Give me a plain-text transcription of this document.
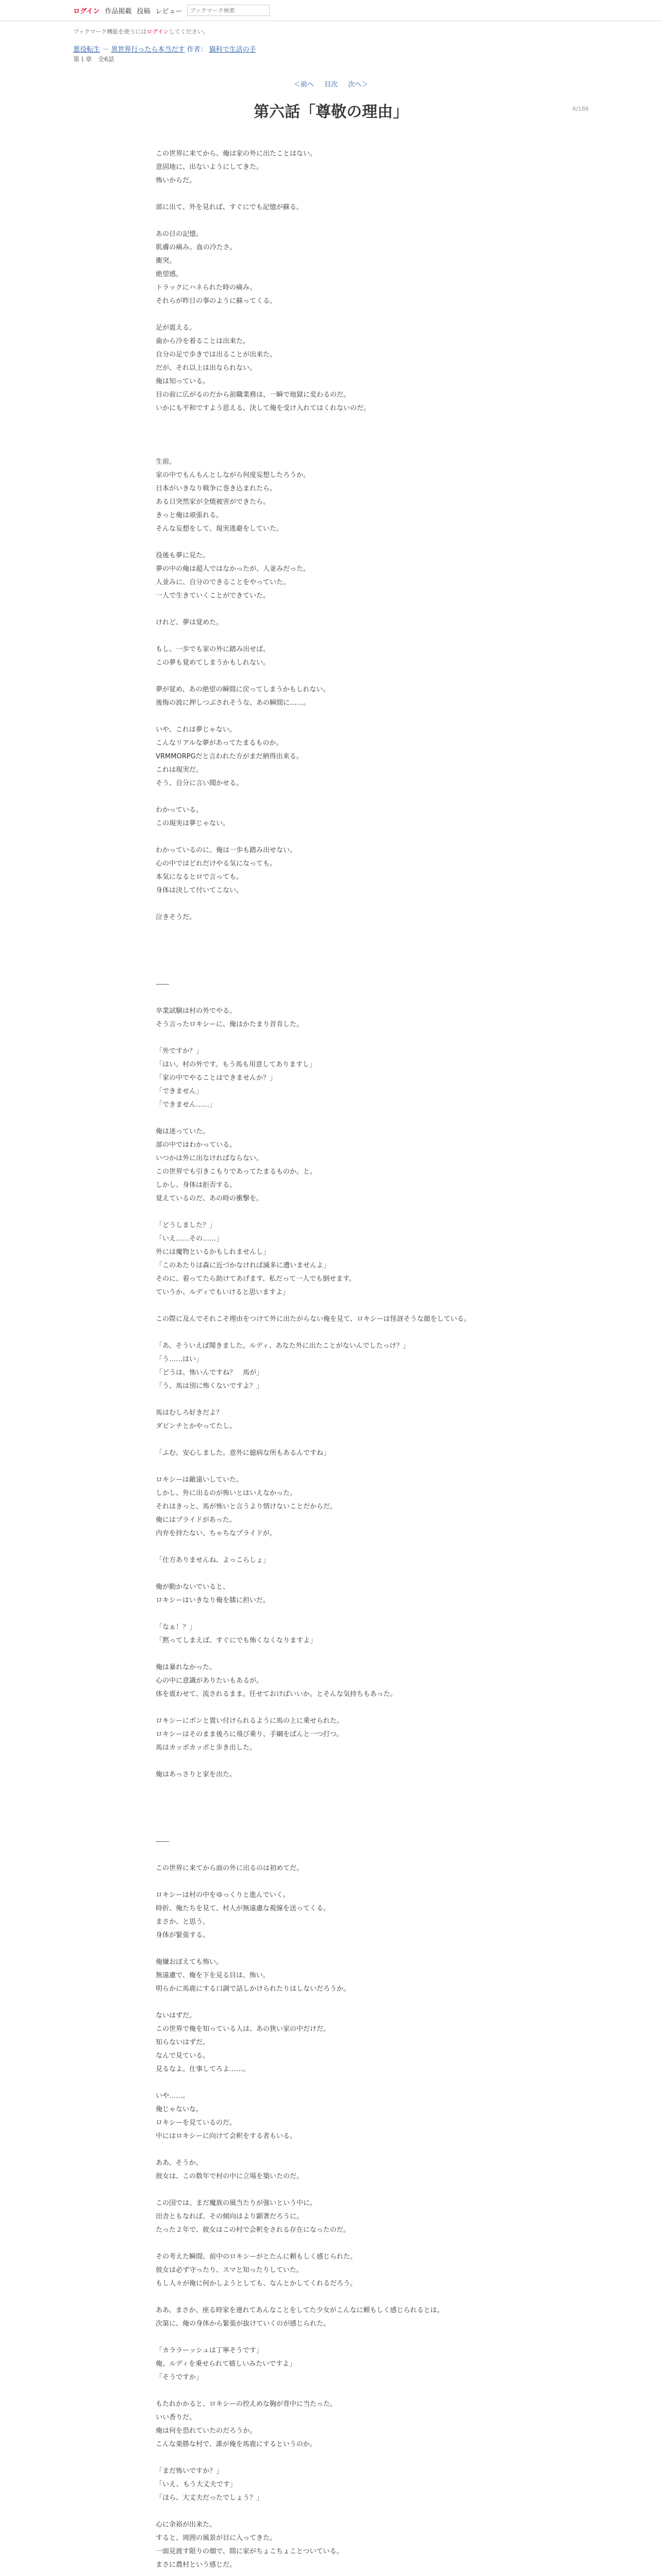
ログイン 作品掲載 投稿 レビュー
ブックマーク検索
ブックマーク機能を使うにはログインしてください。
悪役転生 － 異世界行ったら本当だす 作者： 猫科で生活の手
第１章　全6話
6/186
＜前へ 目次 次へ＞
第六話「尊敬の理由」

この世界に来てから、俺は家の外に出たことはない。

意固地に、出ないようにしてきた。

怖いからだ。

部に出て、外を見れば、すぐにでも記憶が蘇る。

あの日の記憶。

肌膚の痛み。血の冷たさ。

衝突。

絶望感。

トラックにハネられた時の痛み。

それらが昨日の事のように蘇ってくる。

足が震える。

歯から冷を着ることは出来た。

自分の足で歩きでは出ることが出来た。

だが、それ以上は出なられない。

俺は知っている。

目の前に広がるのだから前職業務は、一瞬で地獄に変わるのだ。

いかにも平和ですよう思える、決して俺を受け入れてはくれないのだ。

生前。

家の中でもんもんとしながら何度妄想したろうか。

日本がいきなり戦争に巻き込まれたら。

ある日突然家が全焼被害ができたら。

きっと俺は頑張れる。

そんな妄想をして、現実逃避をしていた。

役後も夢に見た。

夢の中の俺は超人ではなかったが、人並みだった。

人並みに、自分のできることをやっていた。

一人で生きていくことができていた。

けれど、夢は覚めた。

もし、一歩でも家の外に踏み出せば。

この夢も覚めてしまうかもしれない。

夢が覚め、あの絶望の瞬間に戻ってしまうかもしれない。

後悔の波に押しつぶされそうな、あの瞬間に……。

いや、これは夢じゃない。

こんなリアルな夢があってたまるものか。

VRMMORPGだと言われた方がまだ納得出来る。

これは現実だ。

そう、自分に言い聞かせる。

わかっている。

この現実は夢じゃない。

わかっているのに、俺は一歩も踏み出せない。

心の中ではどれだけやる気になっても。

本気になるとロで言っても。

身体は決して付いてこない。

泣きそうだ。

――

卒業試験は村の外でやる。

そう言ったロキシーに、俺はかたまり首肯した。

「外ですか？」

「はい。村の外です。もう馬も用意してありますし」

「家の中でやることはできませんか？」

「できません」

「できません……」

俺は迷っていた。

部の中ではわかっている。

いつかは外に出なければならない。

この世界でも引きこもりであってたまるものか。と。

しかし、身体は拒否する。

覚えているのだ、あの時の衝撃を。

「どうしました？」

「いえ……その……」

外には魔物といるかもしれませんし」

「このあたりは森に近づかなければ滅多に遭いませんよ」

そのに、着ってたら助けてあげます、私だって一人でも倒せます。

ていうか、ルディでもいけると思いますよ」

この際に及んでそれこそ理由をつけて外に出たがらない俺を見て、ロキシーは怪訝そうな顔をしている。

「あ、そういえば聞きました。ルディ、あなた外に出たことがないんでしたっけ？」

「う……はい」

「どうは、怖いんですね？　馬が」

「う、馬は別に怖くないですよ？」

馬はむしろ好きだよ？

ダビンチとかやってたし。

「ふむ。安心しました。意外に臆病な所もあるんですね」

ロキシーは敵遠いしていた。

しかし、外に出るのが怖いとはいえなかった。

それはきっと、馬が怖いと言うより情けないことだからだ。

俺にはプライドがあった。

内弁を持たない、ちゃちなプライドが。

「仕方ありませんね、よっこらしょ」

俺が動かないでいると、

ロキシーはいきなり俺を膝に担いだ。

「なぁ！？」

「黙ってしまえば、すぐにでも怖くなくなりますよ」

俺は暴れなかった。

心の中に意識がありたいもあるが。

体を震わせて、流されるまま。任せておけばいいか。とそんな気持ちもあった。

ロキシーにボンと置い付けられるように馬の上に乗せられた。

ロキシーはそのまま後ろに飛び乗り、手綱をぱんと一つ打つ。

馬はカッポカッポと歩き出した。

俺はあっさりと家を出た。

――

この世界に来てから面の外に出るのは初めてだ。

ロキシーは村の中をゆっくりと進んでいく。

時折、俺たちを見て、村人が無遠慮な視線を送ってくる。

まさか、と思う。

身体が緊張する。

俺嫌おぼえても怖い。

無遠慮で、俺を下を見る目は、怖い。

明らかに馬鹿にする口調で話しかけられたりはしないだろうか。

ないはずだ。

この世界で俺を知っている人は、あの狭い家の中だけだ。

知らないはずだ。

なんで見ている。

見るなよ。仕事してろよ……。

いや……。

俺じゃないな。

ロキシーを見ているのだ。

中にはロキシーに向けて会釈をする者もいる。

ああ、そうか。

彼女は、この数年で村の中に立場を築いたのだ。

この国では、まだ魔族の風当たりが強いという中に。

田舎ともなれば、その傾向はより顕著だろうに。

たった２年で、彼女はこの村で会釈をされる存在になったのだ。

その考えた瞬間、前中のロキシーがとたんに頼もしく感じられた。

彼女は必ず守ったり、スマと知ったりしていた。

もし人々が俺に何かしようとしても、なんとかしてくれるだろう。

ああ、まさか、座る時家を連れてあんなことをしてた少女がこんなに頼もしく感じられるとは。

次第に、俺の身体から緊張が抜けていくのが感じられた。

「カララーッシュは丁寧そうです」

俺、ルディを乗せられて嬉しいみたいですよ」

「そうですか」

もたれかかると、ロキシーの控えめな胸が背中に当たった。

いい香りだ。

俺は何を恐れていたのだろうか。

こんな楽勝な村で、誰が俺を馬鹿にするというのか。

「まだ怖いですか？」

「いえ、もう大丈夫です」

「ほら、大丈夫だったでしょう？」

心に余裕が出来た。

すると、周囲の風景が目に入ってきた。

一面見渡す限りの畑で、間に家がちょこちょことついている。

まさに農村という感じだ。
